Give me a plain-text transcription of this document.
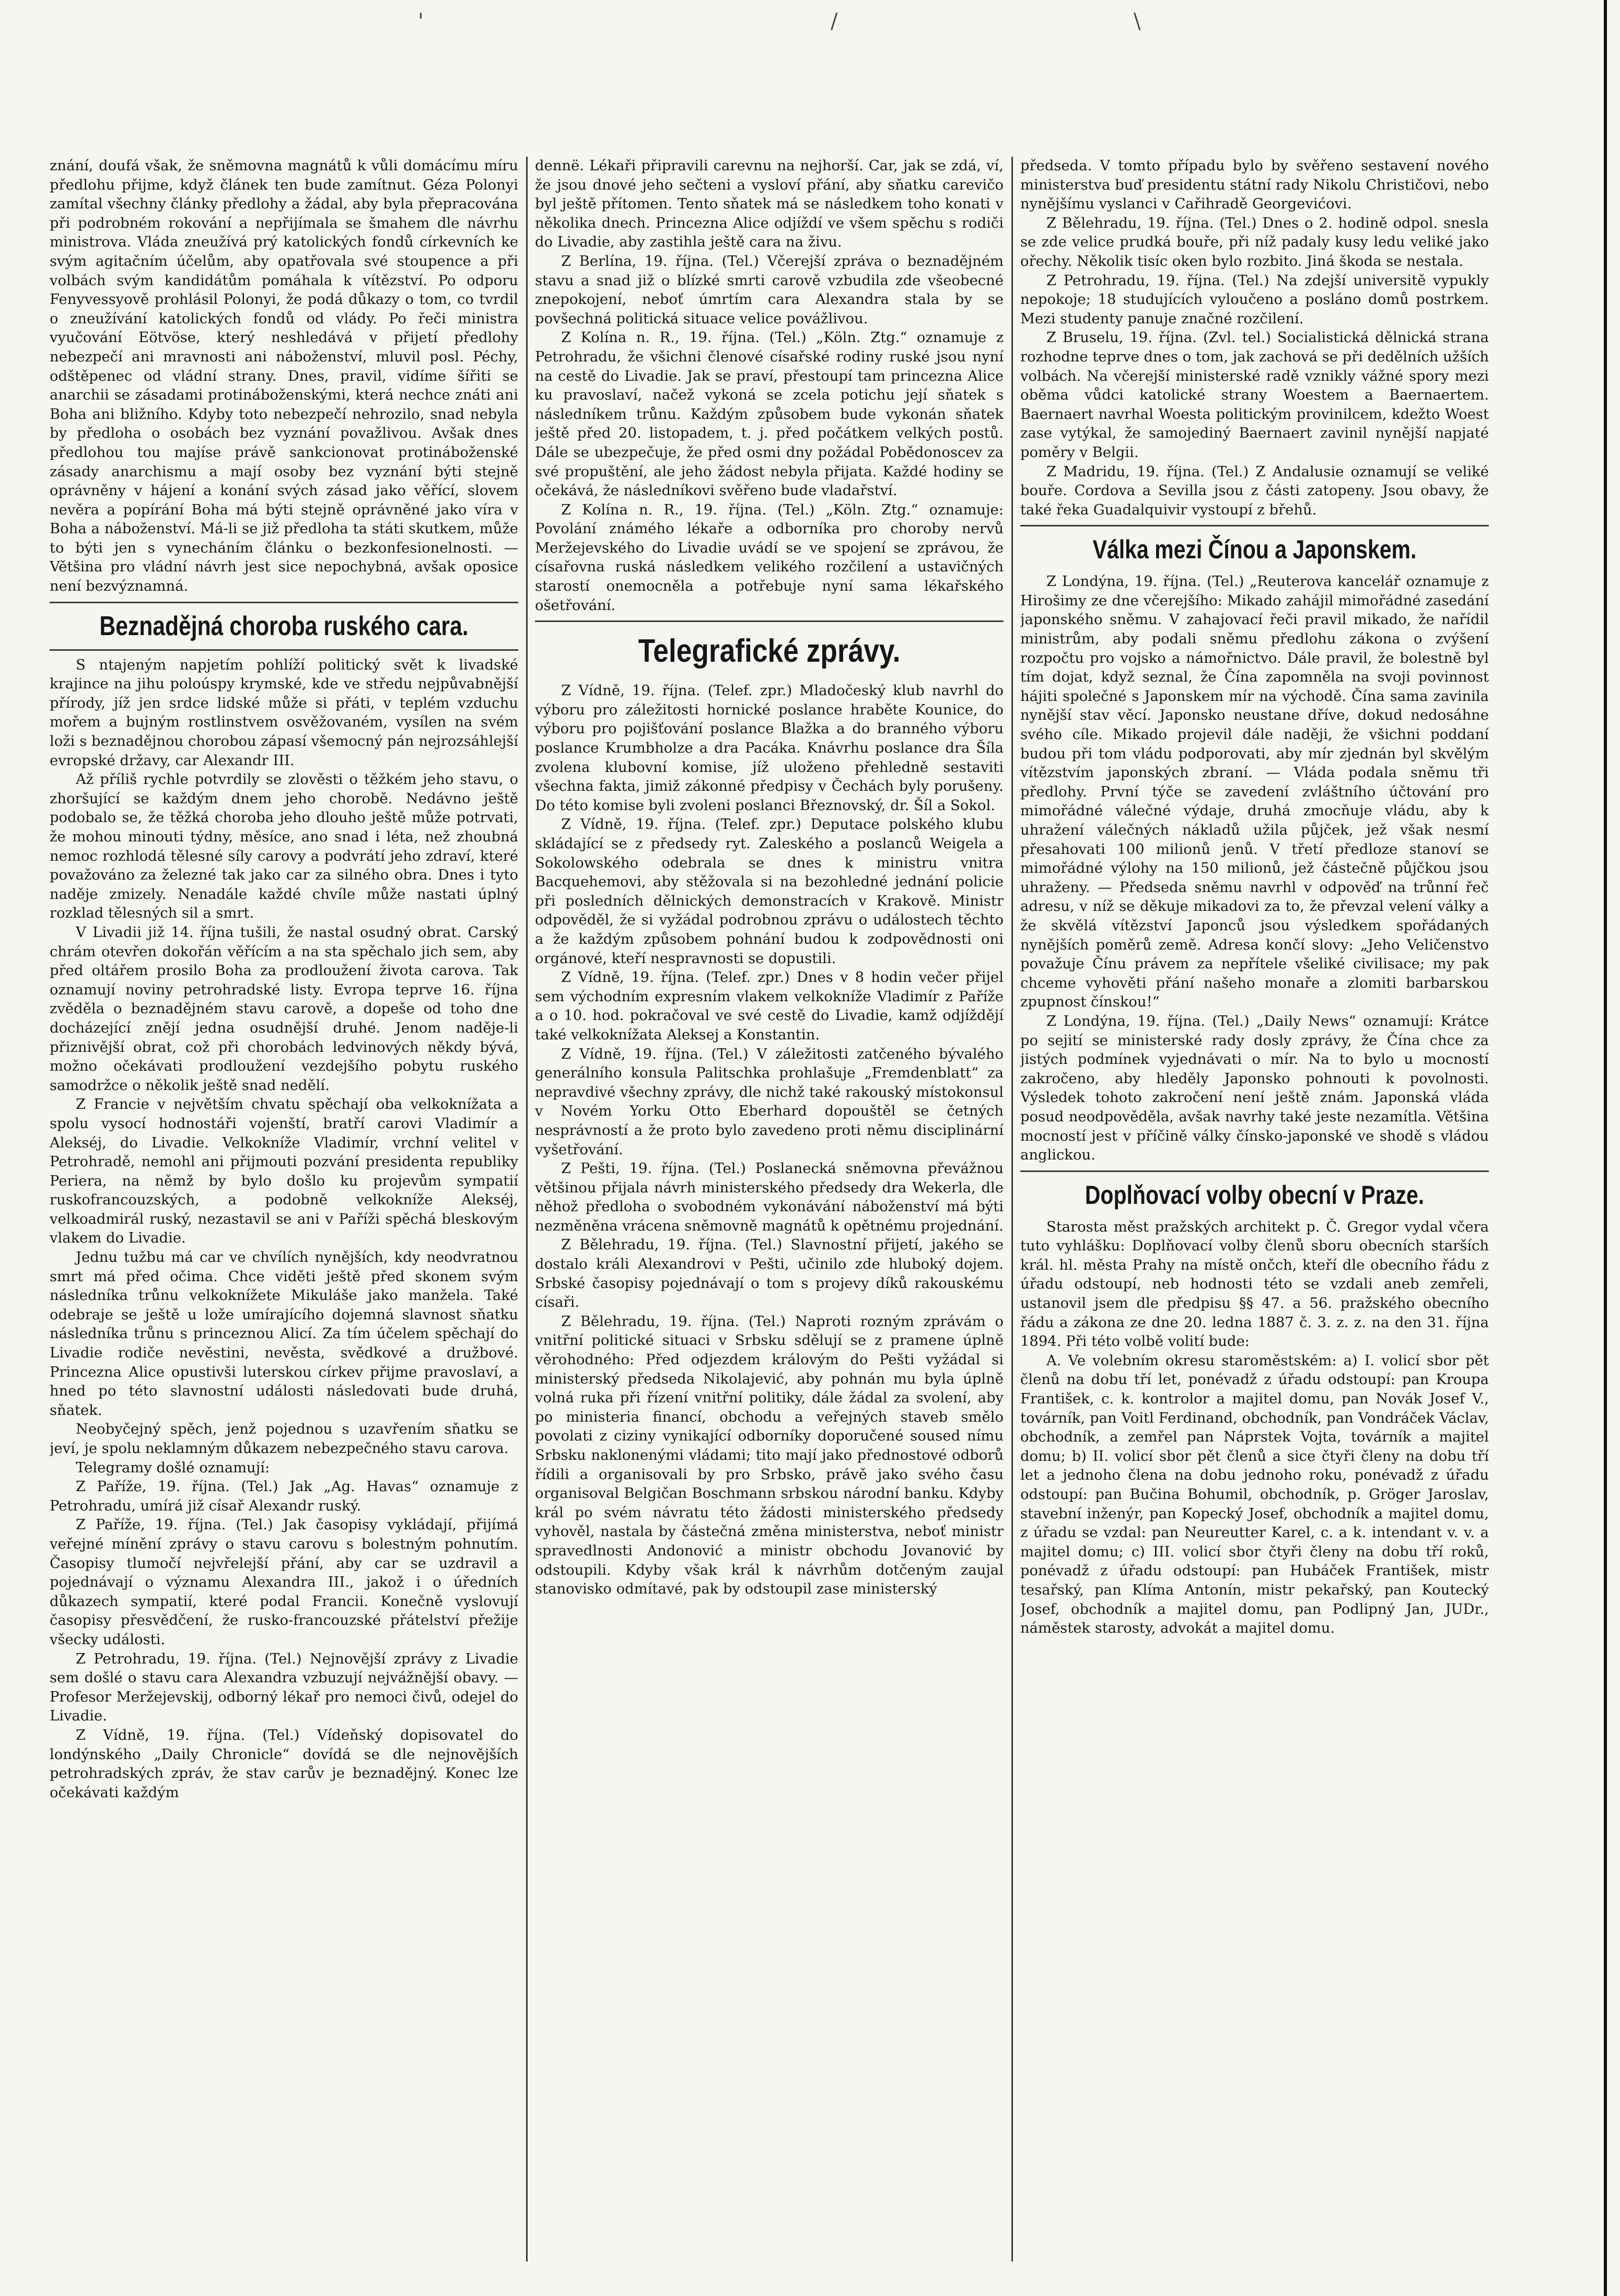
'	/	\

znání, doufá však, že sněmovna magnátů k vůli domácímu míru předlohu přijme, když článek ten bude zamítnut. Géza Polonyi zamítal všechny články předlohy a žádal, aby byla přepracována při podrobném rokování a nepřijímala se šmahem dle návrhu ministrova. Vláda zneužívá prý katolických fondů církevních ke svým agitačním účelům, aby opatřovala své stoupence a při volbách svým kandidátům pomáhala k vítězství. Po odporu Fenyvessyově prohlásil Polonyi, že podá důkazy o tom, co tvrdil o zneužívání katolických fondů od vlády. Po řeči ministra vyučování Eötvöse, který neshledává v přijetí předlohy nebezpečí ani mravnosti ani náboženství, mluvil posl. Péchy, odštěpenec od vládní strany. Dnes, pravil, vidíme šířiti se anarchii se zásadami protináboženskými, která nechce znáti ani Boha ani bližního. Kdyby toto nebezpečí nehrozilo, snad nebyla by předloha o osobách bez vyznání považlivou. Avšak dnes předlohou tou majíse právě sankcionovat protináboženské zásady anarchismu a mají osoby bez vyznání býti stejně oprávněny v hájení a konání svých zásad jako věřící, slovem nevěra a popírání Boha má býti stejně oprávněné jako víra v Boha a náboženství. Má-li se již předloha ta státi skutkem, může to býti jen s vynecháním článku o bezkonfesionelnosti. — Většina pro vládní návrh jest sice nepochybná, avšak oposice není bezvýznamná.

Beznadějná choroba ruského cara.

S ntajeným napjetím pohlíží politický svět k livadské krajince na jihu poloúspy krymské, kde ve středu nejpůvabnější přírody, jíž jen srdce lidské může si přáti, v teplém vzduchu mořem a bujným rostlinstvem osvěžovaném, vysílen na svém loži s beznadějnou chorobou zápasí všemocný pán nejrozsáhlejší evropské državy, car Alexandr III.

Až příliš rychle potvrdily se zlověsti o těžkém jeho stavu, o zhoršující se každým dnem jeho chorobě. Nedávno ještě podobalo se, že těžká choroba jeho dlouho ještě může potrvati, že mohou minouti týdny, měsíce, ano snad i léta, než zhoubná nemoc rozhlodá tělesné síly carovy a podvrátí jeho zdraví, které považováno za železné tak jako car za silného obra. Dnes i tyto naděje zmizely. Nenadále každé chvíle může nastati úplný rozklad tělesných sil a smrt.

V Livadii již 14. října tušili, že nastal osudný obrat. Carský chrám otevřen dokořán věřícím a na sta spěchalo jich sem, aby před oltářem prosilo Boha za prodloužení života carova. Tak oznamují noviny petrohradské listy. Evropa teprve 16. října zvěděla o beznadějném stavu carově, a dopeše od toho dne docházející znějí jedna osudnější druhé. Jenom naděje-li přiznivější obrat, což při chorobách ledvinových někdy bývá, možno očekávati prodloužení vezdejšího pobytu ruského samodržce o několik ještě snad nedělí.

Z Francie v největším chvatu spěchají oba velkoknížata a spolu vysocí hodnostáři vojenští, bratří carovi Vladimír a Alekséj, do Livadie. Velkokníže Vladimír, vrchní velitel v Petrohradě, nemohl ani přijmouti pozvání presidenta republiky Periera, na němž by bylo došlo ku projevům sympatií ruskofrancouzských, a podobně velkokníže Alekséj, velkoadmirál ruský, nezastavil se ani v Paříži spěchá bleskovým vlakem do Livadie.

Jednu tužbu má car ve chvílích nynějších, kdy neodvratnou smrt má před očima. Chce viděti ještě před skonem svým následníka trůnu velkoknížete Mikuláše jako manžela. Také odebraje se ještě u lože umírajícího dojemná slavnost sňatku následníka trůnu s princeznou Alicí. Za tím účelem spěchají do Livadie rodiče nevěstini, nevěsta, svědkové a družbové. Princezna Alice opustivši luterskou církev přijme pravoslaví, a hned po této slavnostní události následovati bude druhá, sňatek.

Neobyčejný spěch, jenž pojednou s uzavřením sňatku se jeví, je spolu neklamným důkazem nebezpečného stavu carova.

Telegramy došlé oznamují:

Z Paříže, 19. října. (Tel.) Jak „Ag. Havas“ oznamuje z Petrohradu, umírá již císař Alexandr ruský.

Z Paříže, 19. října. (Tel.) Jak časopisy vykládají, přijímá veřejné mínění zprávy o stavu carovu s bolestným pohnutím. Časopisy tlumočí nejvřelejší přání, aby car se uzdravil a pojednávají o významu Alexandra III., jakož i o úředních důkazech sympatií, které podal Francii. Konečně vyslovují časopisy přesvědčení, že rusko-francouzské přátelství přežije všecky události.

Z Petrohradu, 19. října. (Tel.) Nejnovější zprávy z Livadie sem došlé o stavu cara Alexandra vzbuzují nejvážnější obavy. — Profesor Meržejevskij, odborný lékař pro nemoci čivů, odejel do Livadie.

Z Vídně, 19. října. (Tel.) Vídeňský dopisovatel do londýnského „Daily Chronicle“ dovídá se dle nejnovějších petrohradských zpráv, že stav carův je beznadějný. Konec lze očekávati každým

dennë. Lékaři připravili carevnu na nejhorší. Car, jak se zdá, ví, že jsou dnové jeho sečteni a vysloví přání, aby sňatku carevičo byl ještě přítomen. Tento sňatek má se následkem toho konati v několika dnech. Princezna Alice odjíždí ve všem spěchu s rodiči do Livadie, aby zastihla ještě cara na živu.

Z Berlína, 19. října. (Tel.) Včerejší zpráva o beznadějném stavu a snad již o blízké smrti carově vzbudila zde všeobecné znepokojení, neboť úmrtím cara Alexandra stala by se povšechná politická situace velice povážlivou.

Z Kolína n. R., 19. října. (Tel.) „Köln. Ztg.“ oznamuje z Petrohradu, že všichni členové císařské rodiny ruské jsou nyní na cestě do Livadie. Jak se praví, přestoupí tam princezna Alice ku pravoslaví, načež vykoná se zcela potichu její sňatek s následníkem trůnu. Každým způsobem bude vykonán sňatek ještě před 20. listopadem, t. j. před počátkem velkých postů. Dále se ubezpečuje, že před osmi dny požádal Pobědonoscev za své propuštění, ale jeho žádost nebyla přijata. Každé hodiny se očekává, že následníkovi svěřeno bude vladařství.

Z Kolína n. R., 19. října. (Tel.) „Köln. Ztg.“ oznamuje: Povolání známého lékaře a odborníka pro choroby nervů Meržejevského do Livadie uvádí se ve spojení se zprávou, že císařovna ruská následkem velikého rozčilení a ustavičných starostí onemocněla a potřebuje nyní sama lékařského ošetřování.

Telegrafické zprávy.

Z Vídně, 19. října. (Telef. zpr.) Mladočeský klub navrhl do výboru pro záležitosti hornické poslance hraběte Kounice, do výboru pro pojišťování poslance Blažka a do branného výboru poslance Krumbholze a dra Pacáka. Knávrhu poslance dra Šíla zvolena klubovní komise, jíž uloženo přehledně sestaviti všechna fakta, jimiž zákonné předpisy v Čechách byly porušeny. Do této komise byli zvoleni poslanci Březnovský, dr. Šíl a Sokol.

Z Vídně, 19. října. (Telef. zpr.) Deputace polského klubu skládající se z předsedy ryt. Zaleského a poslanců Weigela a Sokolowského odebrala se dnes k ministru vnitra Bacquehemovi, aby stěžovala si na bezohledné jednání policie při posledních dělnických demonstracích v Krakově. Ministr odpověděl, že si vyžádal podrobnou zprávu o událostech těchto a že každým způsobem pohnání budou k zodpovědnosti oni orgánové, kteří nespravnosti se dopustili.

Z Vídně, 19. října. (Telef. zpr.) Dnes v 8 hodin večer přijel sem východním expresním vlakem velkokníže Vladimír z Paříže a o 10. hod. pokračoval ve své cestě do Livadie, kamž odjíždějí také velkoknížata Aleksej a Konstantin.

Z Vídně, 19. října. (Tel.) V záležitosti zatčeného bývalého generálního konsula Palitschka prohlašuje „Fremdenblatt“ za nepravdivé všechny zprávy, dle nichž také rakouský místokonsul v Novém Yorku Otto Eberhard dopouštěl se četných nesprávností a že proto bylo zavedeno proti němu disciplinární vyšetřování.

Z Pešti, 19. října. (Tel.) Poslanecká sněmovna převážnou většinou přijala návrh ministerského předsedy dra Wekerla, dle něhož předloha o svobodném vykonávání náboženství má býti nezměněna vrácena sněmovně magnátů k opětnému projednání.

Z Bělehradu, 19. října. (Tel.) Slavnostní přijetí, jakého se dostalo králi Alexandrovi v Pešti, učinilo zde hluboký dojem. Srbské časopisy pojednávají o tom s projevy díků rakouskému císaři.

Z Bělehradu, 19. října. (Tel.) Naproti rozným zprávám o vnitřní politické situaci v Srbsku sdělují se z pramene úplně věrohodného: Před odjezdem královým do Pešti vyžádal si ministerský předseda Nikolajević, aby pohnán mu byla úplně volná ruka při řízení vnitřní politiky, dále žádal za svolení, aby po ministeria financí, obchodu a veřejných staveb smělo povolati z ciziny vynikající odborníky doporučené soused nímu Srbsku naklonenými vládami; tito mají jako přednostové odborů řídili a organisovali by pro Srbsko, právě jako svého času organisoval Belgičan Boschmann srbskou národní banku. Kdyby král po svém návratu této žádosti ministerského předsedy vyhověl, nastala by částečná změna ministerstva, neboť ministr spravedlnosti Andonović a ministr obchodu Jovanović by odstoupili. Kdyby však král k návrhům dotčeným zaujal stanovisko odmítavé, pak by odstoupil zase ministerský

předseda. V tomto případu bylo by svěřeno sestavení nového ministerstva buď presidentu státní rady Nikolu Christičovi, nebo nynějšímu vyslanci v Cařihradě Georgevićovi.

Z Bělehradu, 19. října. (Tel.) Dnes o 2. hodině odpol. snesla se zde velice prudká bouře, při níž padaly kusy ledu veliké jako ořechy. Několik tisíc oken bylo rozbito. Jiná škoda se nestala.

Z Petrohradu, 19. října. (Tel.) Na zdejší universitě vypukly nepokoje; 18 studujících vyloučeno a posláno domů postrkem. Mezi studenty panuje značné rozčilení.

Z Bruselu, 19. října. (Zvl. tel.) Socialistická dělnická strana rozhodne teprve dnes o tom, jak zachová se při dedělních užších volbách. Na včerejší ministerské radě vznikly vážné spory mezi oběma vůdci katolické strany Woestem a Baernaertem. Baernaert navrhal Woesta politickým provinilcem, kdežto Woest zase vytýkal, že samojediný Baernaert zavinil nynější napjaté poměry v Belgii.

Z Madridu, 19. října. (Tel.) Z Andalusie oznamují se veliké bouře. Cordova a Sevilla jsou z části zatopeny. Jsou obavy, že také řeka Guadalquivir vystoupí z břehů.

Válka mezi Čínou a Japonskem.

Z Londýna, 19. října. (Tel.) „Reuterova kancelář oznamuje z Hirošimy ze dne včerejšího: Mikado zahájil mimořádné zasedání japonského sněmu. V zahajovací řeči pravil mikado, že nařídil ministrům, aby podali sněmu předlohu zákona o zvýšení rozpočtu pro vojsko a námořnictvo. Dále pravil, že bolestně byl tím dojat, když seznal, že Čína zapomněla na svoji povinnost hájiti společné s Japonskem mír na východě. Čína sama zavinila nynější stav věcí. Japonsko neustane dříve, dokud nedosáhne svého cíle. Mikado projevil dále naději, že všichni poddaní budou při tom vládu podporovati, aby mír zjednán byl skvělým vítězstvím japonských zbraní. — Vláda podala sněmu tři předlohy. První týče se zavedení zvláštního účtování pro mimořádné válečné výdaje, druhá zmocňuje vládu, aby k uhražení válečných nákladů užila půjček, jež však nesmí přesahovati 100 milionů jenů. V třetí předloze stanoví se mimořádné výlohy na 150 milionů, jež částečně půjčkou jsou uhraženy. — Předseda sněmu navrhl v odpověď na trůnní řeč adresu, v níž se děkuje mikadovi za to, že převzal velení války a že skvělá vítězství Japonců jsou výsledkem spořádaných nynějších poměrů země. Adresa končí slovy: „Jeho Veličenstvo považuje Čínu právem za nepřítele všeliké civilisace; my pak chceme vyhověti přání našeho monaře a zlomiti barbarskou zpupnost čínskou!“

Z Londýna, 19. října. (Tel.) „Daily News“ oznamují: Krátce po sejití se ministerské rady dosly zprávy, že Čína chce za jistých podmínek vyjednávati o mír. Na to bylo u mocností zakročeno, aby hleděly Japonsko pohnouti k povolnosti. Výsledek tohoto zakročení není ještě znám. Japonská vláda posud neodpověděla, avšak navrhy také jeste nezamítla. Většina mocností jest v příčině války čínsko-japonské ve shodě s vládou anglickou.

Doplňovací volby obecní v Praze.

Starosta měst pražských architekt p. Č. Gregor vydal včera tuto vyhlášku: Doplňovací volby členů sboru obecních starších král. hl. města Prahy na místě ončch, kteří dle obecního řádu z úřadu odstoupí, neb hodnosti této se vzdali aneb zemřeli, ustanovil jsem dle předpisu §§ 47. a 56. pražského obecního řádu a zákona ze dne 20. ledna 1887 č. 3. z. z. na den 31. října 1894. Při této volbě volití bude:

A. Ve volebním okresu staroměstském: a) I. volicí sbor pět členů na dobu tří let, ponévadž z úřadu odstoupí: pan Kroupa František, c. k. kontrolor a majitel domu, pan Novák Josef V., továrník, pan Voitl Ferdinand, obchodník, pan Vondráček Václav, obchodník, a zemřel pan Náprstek Vojta, továrník a majitel domu; b) II. volicí sbor pět členů a sice čtyři členy na dobu tří let a jednoho člena na dobu jednoho roku, ponévadž z úřadu odstoupí: pan Bučina Bohumil, obchodník, p. Gröger Jaroslav, stavební inženýr, pan Kopecký Josef, obchodník a majitel domu, z úřadu se vzdal: pan Neureutter Karel, c. a k. intendant v. v. a majitel domu; c) III. volicí sbor čtyři členy na dobu tří roků, ponévadž z úřadu odstoupí: pan Hubáček František, mistr tesařský, pan Klíma Antonín, mistr pekařský, pan Koutecký Josef, obchodník a majitel domu, pan Podlipný Jan, JUDr., náměstek starosty, advokát a majitel domu.
